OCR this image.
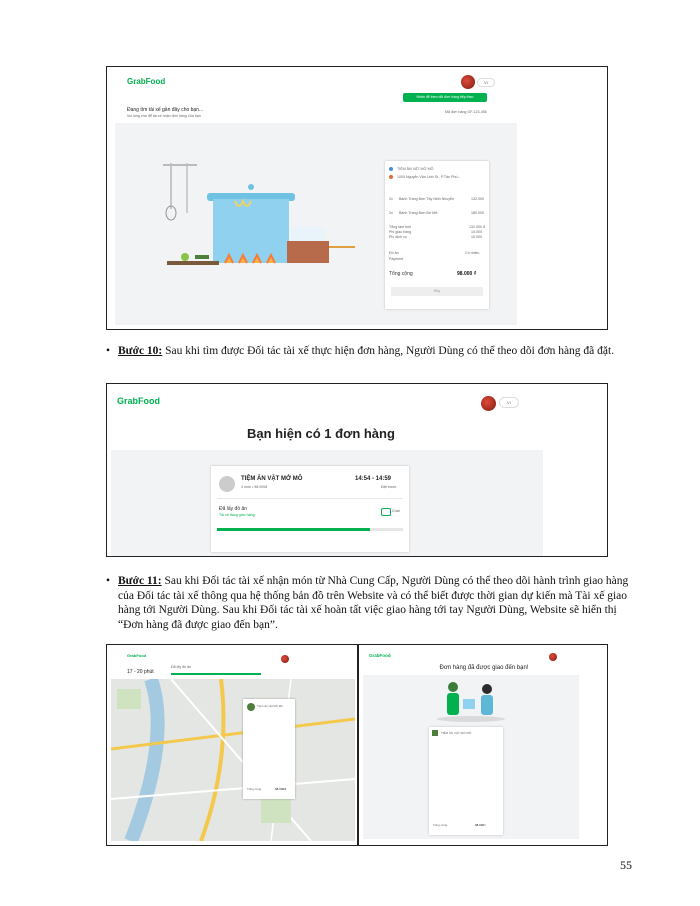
GrabFood	VI
Nhấn để theo dõi đơn hàng tiếp theo
Đang tìm tài xế gần đây cho bạn...
Vui lòng chờ để tài xế nhận đơn hàng của bạn
Mã đơn hàng GF-123-456
TIỆM ĂN VẶT MỞ MÔ
1000 Nguyễn Văn Linh St., P.Tân Phú...
2x Bánh Tráng Bơn Tây Ninh Nhuyễn	132.000
2x Bánh Tráng Bơn Bơ Mỡ	180.000
Tổng tạm tính	132.000 đ
Phí giao hàng	15.000
Phí dịch vụ	10.000
Đồ ăn	Có nhiều
Payment
Tổng cộng	98.000 ₫
Hủy
• Bước 10: Sau khi tìm được Đối tác tài xế thực hiện đơn hàng, Người Dùng có thể theo dõi đơn hàng đã đặt.
GrabFood	VI
Bạn hiện có 1 đơn hàng
TIỆM ĂN VẶT MỞ MÔ
4 món • 98.000đ
14:54 - 14:59
Đặt trước
Đã lấy đồ ăn
Tài xế đang giao hàng
Chat
• Bước 11: Sau khi Đối tác tài xế nhận món từ Nhà Cung Cấp, Người Dùng có thể theo dõi hành trình giao hàng của Đối tác tài xế thông qua hệ thống bản đồ trên Website và có thể biết được thời gian dự kiến mà Tài xế giao hàng tới Người Dùng. Sau khi Đối tác tài xế hoàn tất việc giao hàng tới tay Người Dùng, Website sẽ hiển thị “Đơn hàng đã được giao đến bạn”.
GrabFood
17 - 20 phút
Đã lấy đồ ăn
Tiệm ăn vặt Mở Mô
Tổng cộng	98.000đ
GrabFood
Đơn hàng đã được giao đến bạn!
TIỆM ĂN VẶT MỞ MÔ
Tổng cộng	98.000₫
55
